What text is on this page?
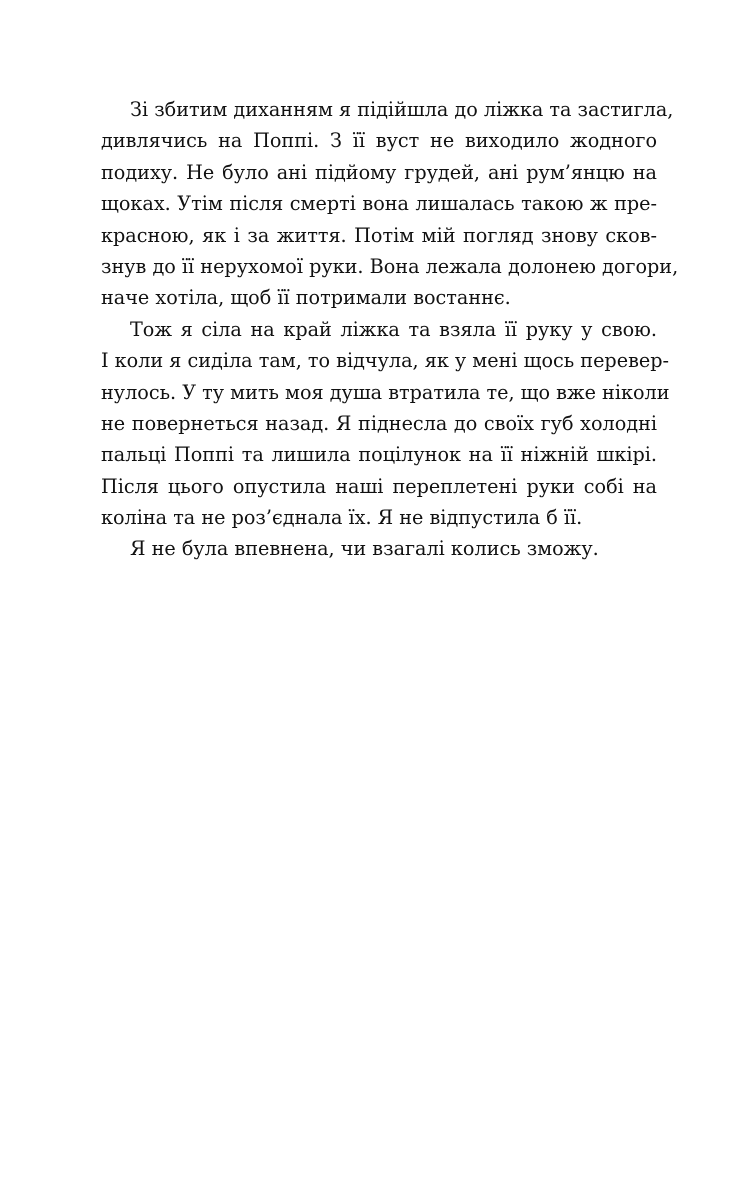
Зі збитим диханням я підійшла до ліжка та застигла,
дивлячись на Поппі. З її вуст не виходило жодного
подиху. Не було ані підйому грудей, ані рум’янцю на
щоках. Утім після смерті вона лишалась такою ж пре-
красною, як і за життя. Потім мій погляд знову сков-
знув до її нерухомої руки. Вона лежала долонею догори,
наче хотіла, щоб її потримали востаннє.

Тож я сіла на край ліжка та взяла її руку у свою.
І коли я сиділа там, то відчула, як у мені щось перевер-
нулось. У ту мить моя душа втратила те, що вже ніколи
не повернеться назад. Я піднесла до своїх губ холодні
пальці Поппі та лишила поцілунок на її ніжній шкірі.
Після цього опустила наші переплетені руки собі на
коліна та не роз’єднала їх. Я не відпустила б її.

Я не була впевнена, чи взагалі колись зможу.
